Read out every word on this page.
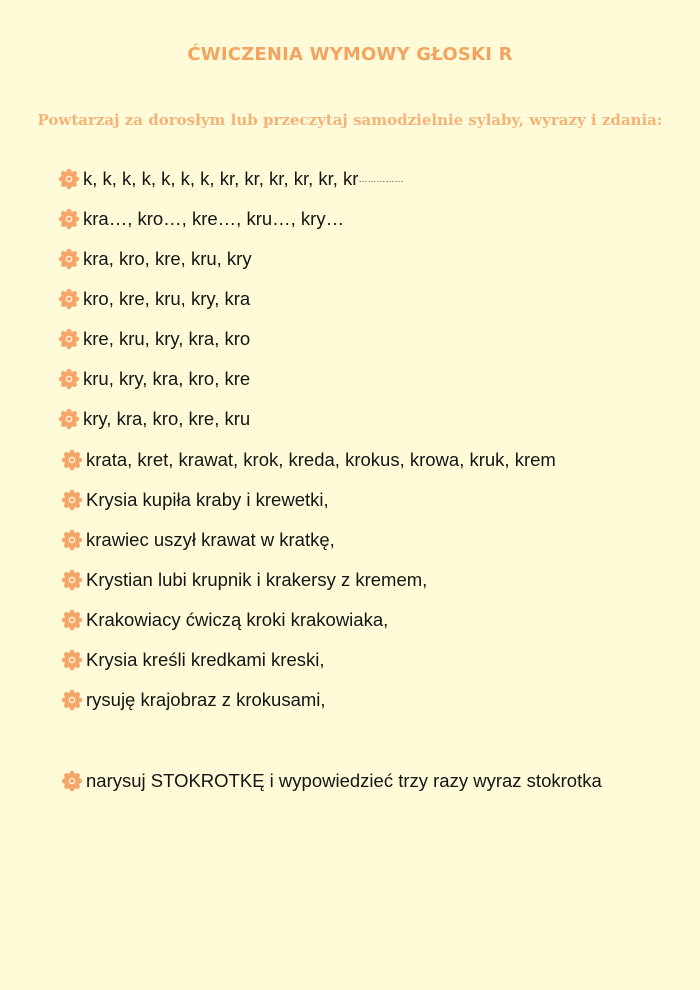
ĆWICZENIA WYMOWY GŁOSKI R
Powtarzaj za dorosłym lub przeczytaj samodzielnie sylaby, wyrazy i zdania:
k, k, k, k, k, k, k, kr, kr, kr, kr, kr, kr ……………
kra…, kro…, kre…, kru…, kry…
kra, kro, kre, kru, kry
kro, kre, kru, kry, kra
kre, kru, kry, kra, kro
kru, kry, kra, kro, kre
kry, kra, kro, kre, kru
krata, kret, krawat, krok, kreda, krokus, krowa, kruk, krem
Krysia kupiła kraby i krewetki,
krawiec uszył krawat w kratkę,
Krystian lubi krupnik i krakersy z kremem,
Krakowiacy ćwiczą kroki krakowiaka,
Krysia kreśli kredkami kreski,
rysuję krajobraz z krokusami,
narysuj STOKROTKĘ i wypowiedzieć trzy razy wyraz stokrotka
